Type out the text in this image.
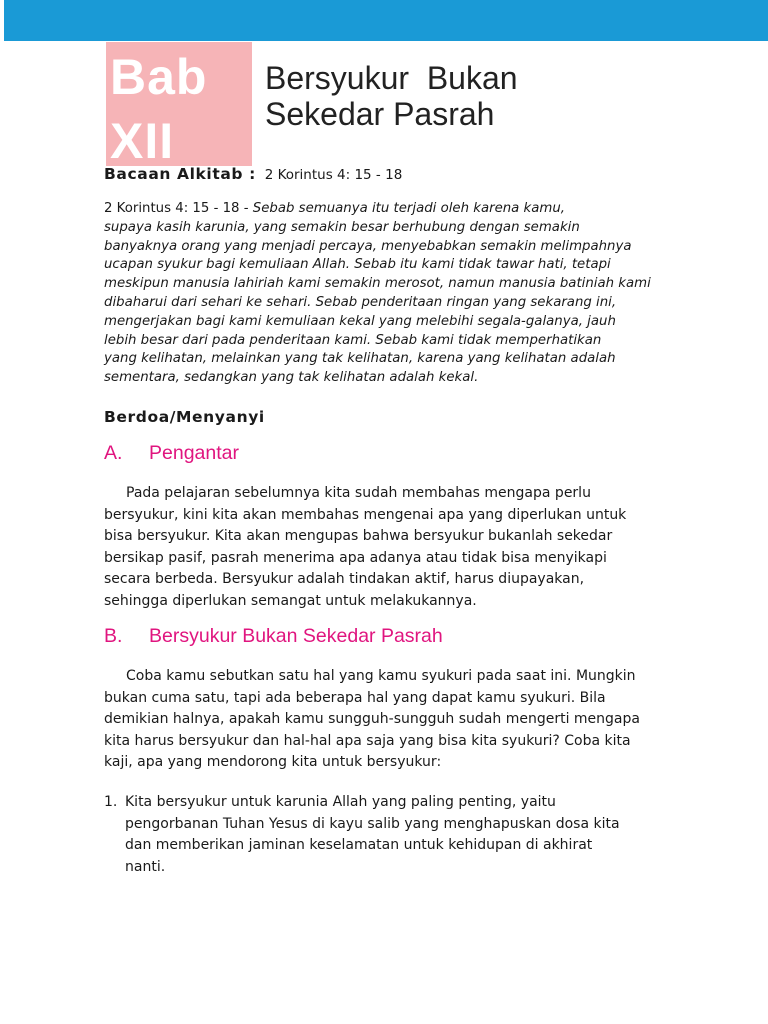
Bab
XII
Bersyukur  Bukan
Sekedar Pasrah
Bacaan Alkitab : 2 Korintus 4: 15 - 18
2 Korintus 4: 15 - 18 - Sebab semuanya itu terjadi oleh karena kamu,
supaya kasih karunia, yang semakin besar berhubung dengan semakin
banyaknya orang yang menjadi percaya, menyebabkan semakin melimpahnya
ucapan syukur bagi kemuliaan Allah. Sebab itu kami tidak tawar hati, tetapi
meskipun manusia lahiriah kami semakin merosot, namun manusia batiniah kami
dibaharui dari sehari ke sehari. Sebab penderitaan ringan yang sekarang ini,
mengerjakan bagi kami kemuliaan kekal yang melebihi segala-galanya, jauh
lebih besar dari pada penderitaan kami. Sebab kami tidak memperhatikan
yang kelihatan, melainkan yang tak kelihatan, karena yang kelihatan adalah
sementara, sedangkan yang tak kelihatan adalah kekal.
Berdoa/Menyanyi
A. Pengantar
Pada pelajaran sebelumnya kita sudah membahas mengapa perlu
bersyukur, kini kita akan membahas mengenai apa yang diperlukan untuk
bisa bersyukur. Kita akan mengupas bahwa bersyukur bukanlah sekedar
bersikap pasif, pasrah menerima apa adanya atau tidak bisa menyikapi
secara berbeda. Bersyukur adalah tindakan aktif, harus diupayakan,
sehingga diperlukan semangat untuk melakukannya.
B. Bersyukur Bukan Sekedar Pasrah
Coba kamu sebutkan satu hal yang kamu syukuri pada saat ini. Mungkin
bukan cuma satu, tapi ada beberapa hal yang dapat kamu syukuri. Bila
demikian halnya, apakah kamu sungguh-sungguh sudah mengerti mengapa
kita harus bersyukur dan hal-hal apa saja yang bisa kita syukuri? Coba kita
kaji, apa yang mendorong kita untuk bersyukur:
1. Kita bersyukur untuk karunia Allah yang paling penting, yaitu
pengorbanan Tuhan Yesus di kayu salib yang menghapuskan dosa kita
dan memberikan jaminan keselamatan untuk kehidupan di akhirat
nanti.
